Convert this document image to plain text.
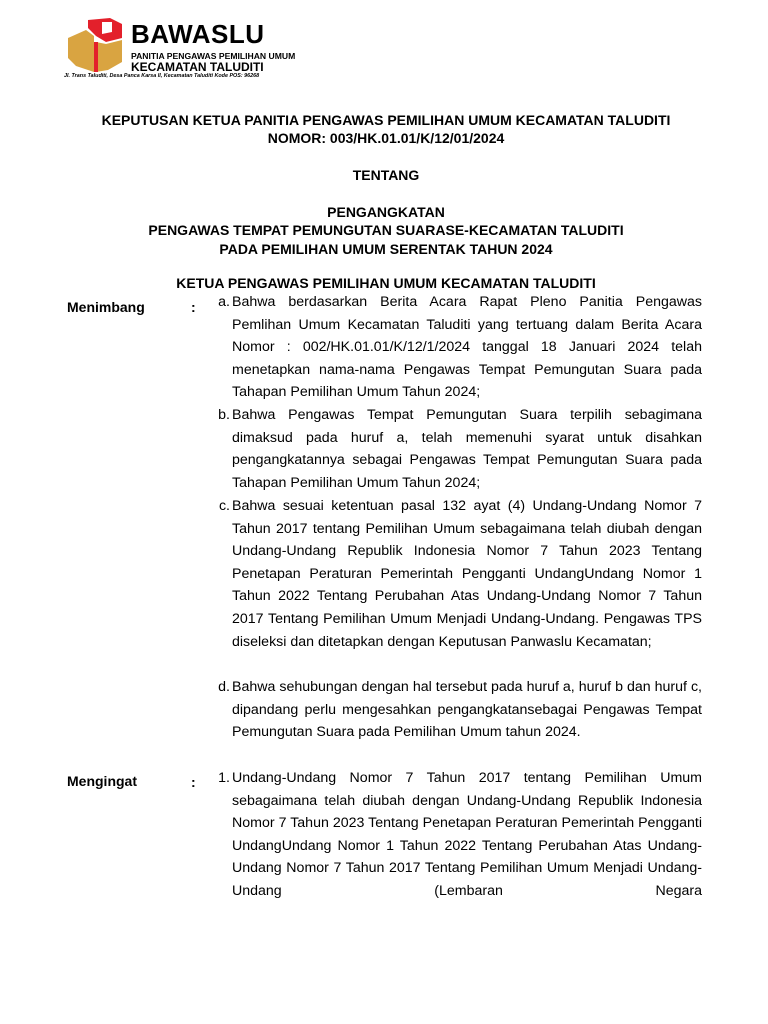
BAWASLU
PANITIA PENGAWAS PEMILIHAN UMUM
KECAMATAN TALUDITI
Jl. Trans Taluditi, Desa Panca Karsa II, Kecamatan Taluditi Kode POS: 96268
KEPUTUSAN KETUA PANITIA PENGAWAS PEMILIHAN UMUM KECAMATAN TALUDITI
NOMOR: 003/HK.01.01/K/12/01/2024
TENTANG
PENGANGKATAN
PENGAWAS TEMPAT PEMUNGUTAN SUARASE-KECAMATAN TALUDITI
PADA PEMILIHAN UMUM SERENTAK TAHUN 2024
KETUA PENGAWAS PEMILIHAN UMUM KECAMATAN TALUDITI
Menimbang	:	a. Bahwa berdasarkan Berita Acara Rapat Pleno Panitia Pengawas Pemlihan Umum Kecamatan Taluditi yang tertuang dalam Berita Acara Nomor : 002/HK.01.01/K/12/1/2024 tanggal 18 Januari 2024 telah menetapkan nama-nama Pengawas Tempat Pemungutan Suara pada Tahapan Pemilihan Umum Tahun 2024;
b. Bahwa Pengawas Tempat Pemungutan Suara terpilih sebagimana dimaksud pada huruf a, telah memenuhi syarat untuk disahkan pengangkatannya sebagai Pengawas Tempat Pemungutan Suara pada Tahapan Pemilihan Umum Tahun 2024;
c. Bahwa sesuai ketentuan pasal 132 ayat (4) Undang-Undang Nomor 7 Tahun 2017 tentang Pemilihan Umum sebagaimana telah diubah dengan Undang-Undang Republik Indonesia Nomor 7 Tahun 2023 Tentang Penetapan Peraturan Pemerintah Pengganti UndangUndang Nomor 1 Tahun 2022 Tentang Perubahan Atas Undang-Undang Nomor 7 Tahun 2017 Tentang Pemilihan Umum Menjadi Undang-Undang. Pengawas TPS diseleksi dan ditetapkan dengan Keputusan Panwaslu Kecamatan;
d. Bahwa sehubungan dengan hal tersebut pada huruf a, huruf b dan huruf c, dipandang perlu mengesahkan pengangkatansebagai Pengawas Tempat Pemungutan Suara pada Pemilihan Umum tahun 2024.
Mengingat	:	1. Undang-Undang Nomor 7 Tahun 2017 tentang Pemilihan Umum sebagaimana telah diubah dengan Undang-Undang Republik Indonesia Nomor 7 Tahun 2023 Tentang Penetapan Peraturan Pemerintah Pengganti UndangUndang Nomor 1 Tahun 2022 Tentang Perubahan Atas Undang-Undang Nomor 7 Tahun 2017 Tentang Pemilihan Umum Menjadi Undang-Undang (Lembaran Negara
